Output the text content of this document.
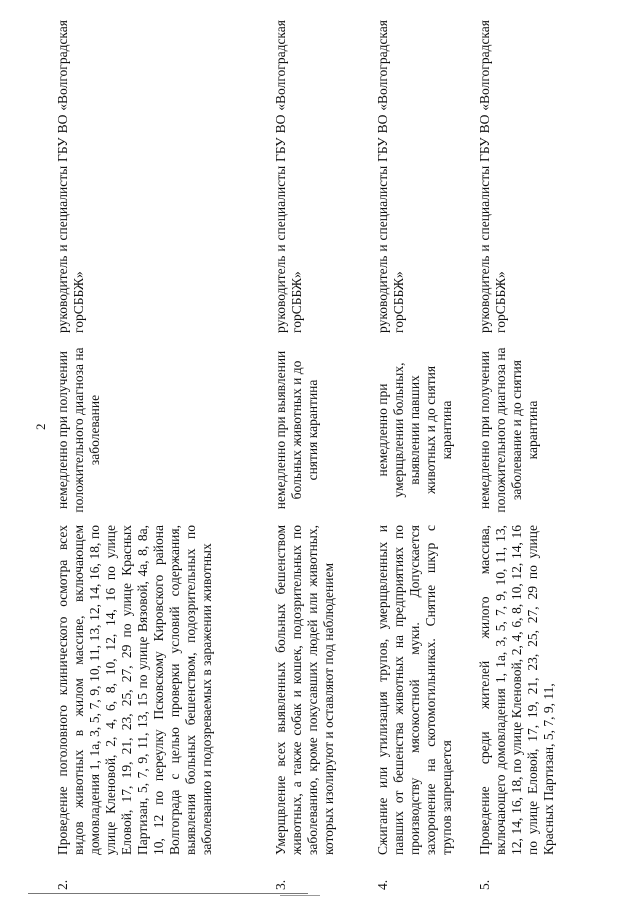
2
2.
Проведение поголовного клинического осмотра всех видов животных в жилом массиве, включающем домовладения 1, 1а, 3, 5, 7, 9, 10, 11, 13, 12, 14, 16, 18, по улице Кленовой, 2, 4, 6, 8, 10, 12, 14, 16 по улице Еловой, 17, 19, 21, 23, 25, 27, 29 по улице Красных Партизан, 5, 7, 9, 11, 13, 15 по улице Вязовой, 4а, 8, 8а, 10, 12 по переулку Псковскому Кировского района Волгограда с целью проверки условий содержания, выявления больных бешенством, подозрительных по заболеванию и подозреваемых в заражении животных
немедленно при получении положительного диагноза на заболевание
руководитель и специалисты ГБУ ВО «Волгоградская горСББЖ»
3.
Умерщвление всех выявленных больных бешенством животных, а также собак и кошек, подозрительных по заболеванию, кроме покусавших людей или животных, которых изолируют и оставляют под наблюдением
немедленно при выявлении больных животных и до снятия карантина
руководитель и специалисты ГБУ ВО «Волгоградская горСББЖ»
4.
Сжигание или утилизация трупов, умерщвленных и павших от бешенства животных на предприятиях по производству мясокостной муки. Допускается захоронение на скотомогильниках. Снятие шкур с трупов запрещается
немедленно при умерщвлении больных, выявлении павших животных и до снятия карантина
руководитель и специалисты ГБУ ВО «Волгоградская горСББЖ»
5.
Проведение среди жителей жилого массива, включающего домовладения 1, 1а, 3, 5, 7, 9, 10, 11, 13, 12, 14, 16, 18, по улице Кленовой, 2, 4, 6, 8, 10, 12, 14, 16 по улице Еловой, 17, 19, 21, 23, 25, 27, 29 по улице Красных Партизан, 5, 7, 9, 11,
немедленно при получении положительного диагноза на заболевание и до снятия карантина
руководитель и специалисты ГБУ ВО «Волгоградская горСББЖ»
